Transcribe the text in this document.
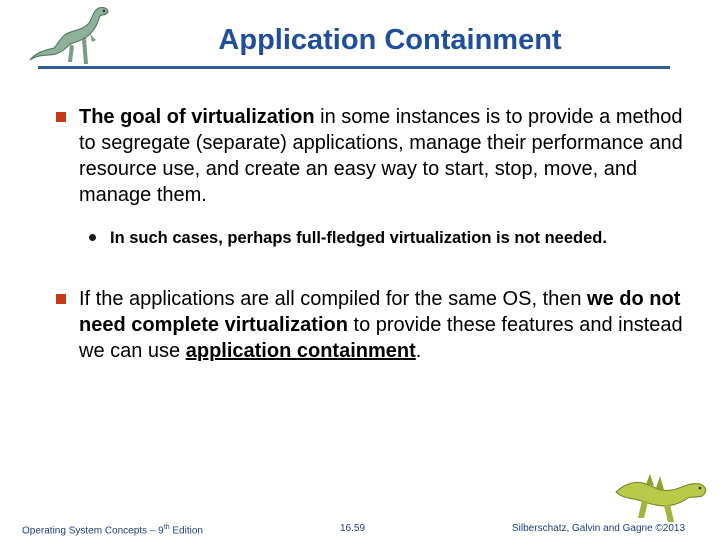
Application Containment
The goal of virtualization in some instances is to provide a method to segregate (separate) applications, manage their performance and resource use, and create an easy way to start, stop, move, and manage them.
In such cases, perhaps full-fledged virtualization is not needed.
If the applications are all compiled for the same OS, then we do not need complete virtualization to provide these features and instead we can use application containment.
Operating System Concepts – 9th Edition	16.59	Silberschatz, Galvin and Gagne ©2013
